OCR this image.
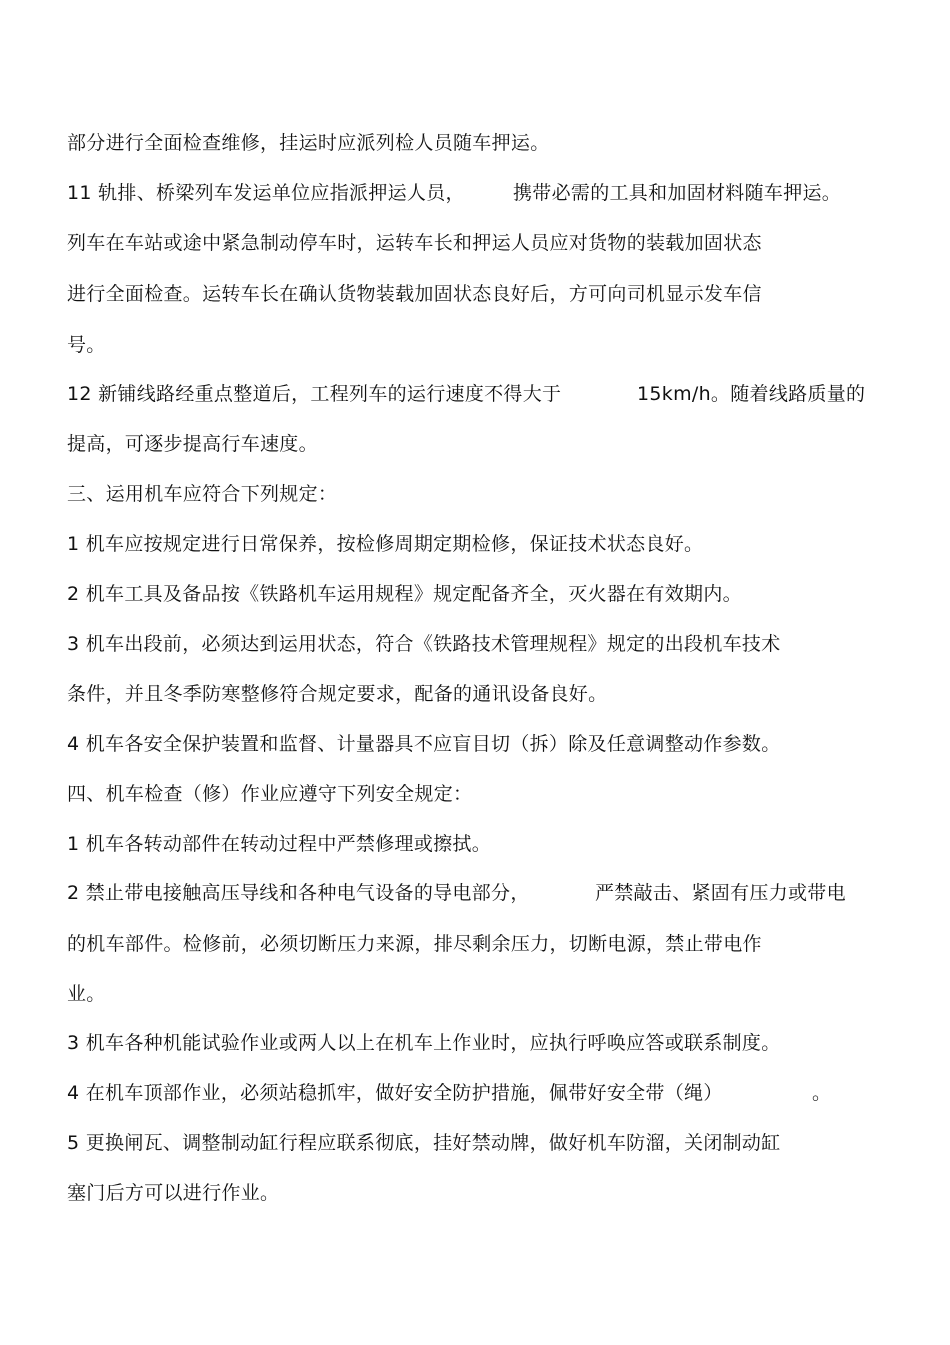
部分进行全面检查维修，挂运时应派列检人员随车押运。
11 轨排、桥梁列车发运单位应指派押运人员，	携带必需的工具和加固材料随车押运。
列车在车站或途中紧急制动停车时，运转车长和押运人员应对货物的装载加固状态
进行全面检查。运转车长在确认货物装载加固状态良好后，方可向司机显示发车信
号。
12 新铺线路经重点整道后，工程列车的运行速度不得大于	15km/h。随着线路质量的
提高，可逐步提高行车速度。
三、运用机车应符合下列规定：
1 机车应按规定进行日常保养，按检修周期定期检修，保证技术状态良好。
2 机车工具及备品按《铁路机车运用规程》规定配备齐全，灭火器在有效期内。
3 机车出段前，必须达到运用状态，符合《铁路技术管理规程》规定的出段机车技术
条件，并且冬季防寒整修符合规定要求，配备的通讯设备良好。
4 机车各安全保护装置和监督、计量器具不应盲目切（拆）除及任意调整动作参数。
四、机车检查（修）作业应遵守下列安全规定：
1 机车各转动部件在转动过程中严禁修理或擦拭。
2 禁止带电接触高压导线和各种电气设备的导电部分，	严禁敲击、紧固有压力或带电
的机车部件。检修前，必须切断压力来源，排尽剩余压力，切断电源，禁止带电作
业。
3 机车各种机能试验作业或两人以上在机车上作业时，应执行呼唤应答或联系制度。
4 在机车顶部作业，必须站稳抓牢，做好安全防护措施，佩带好安全带（绳）	。
5 更换闸瓦、调整制动缸行程应联系彻底，挂好禁动牌，做好机车防溜，关闭制动缸
塞门后方可以进行作业。
